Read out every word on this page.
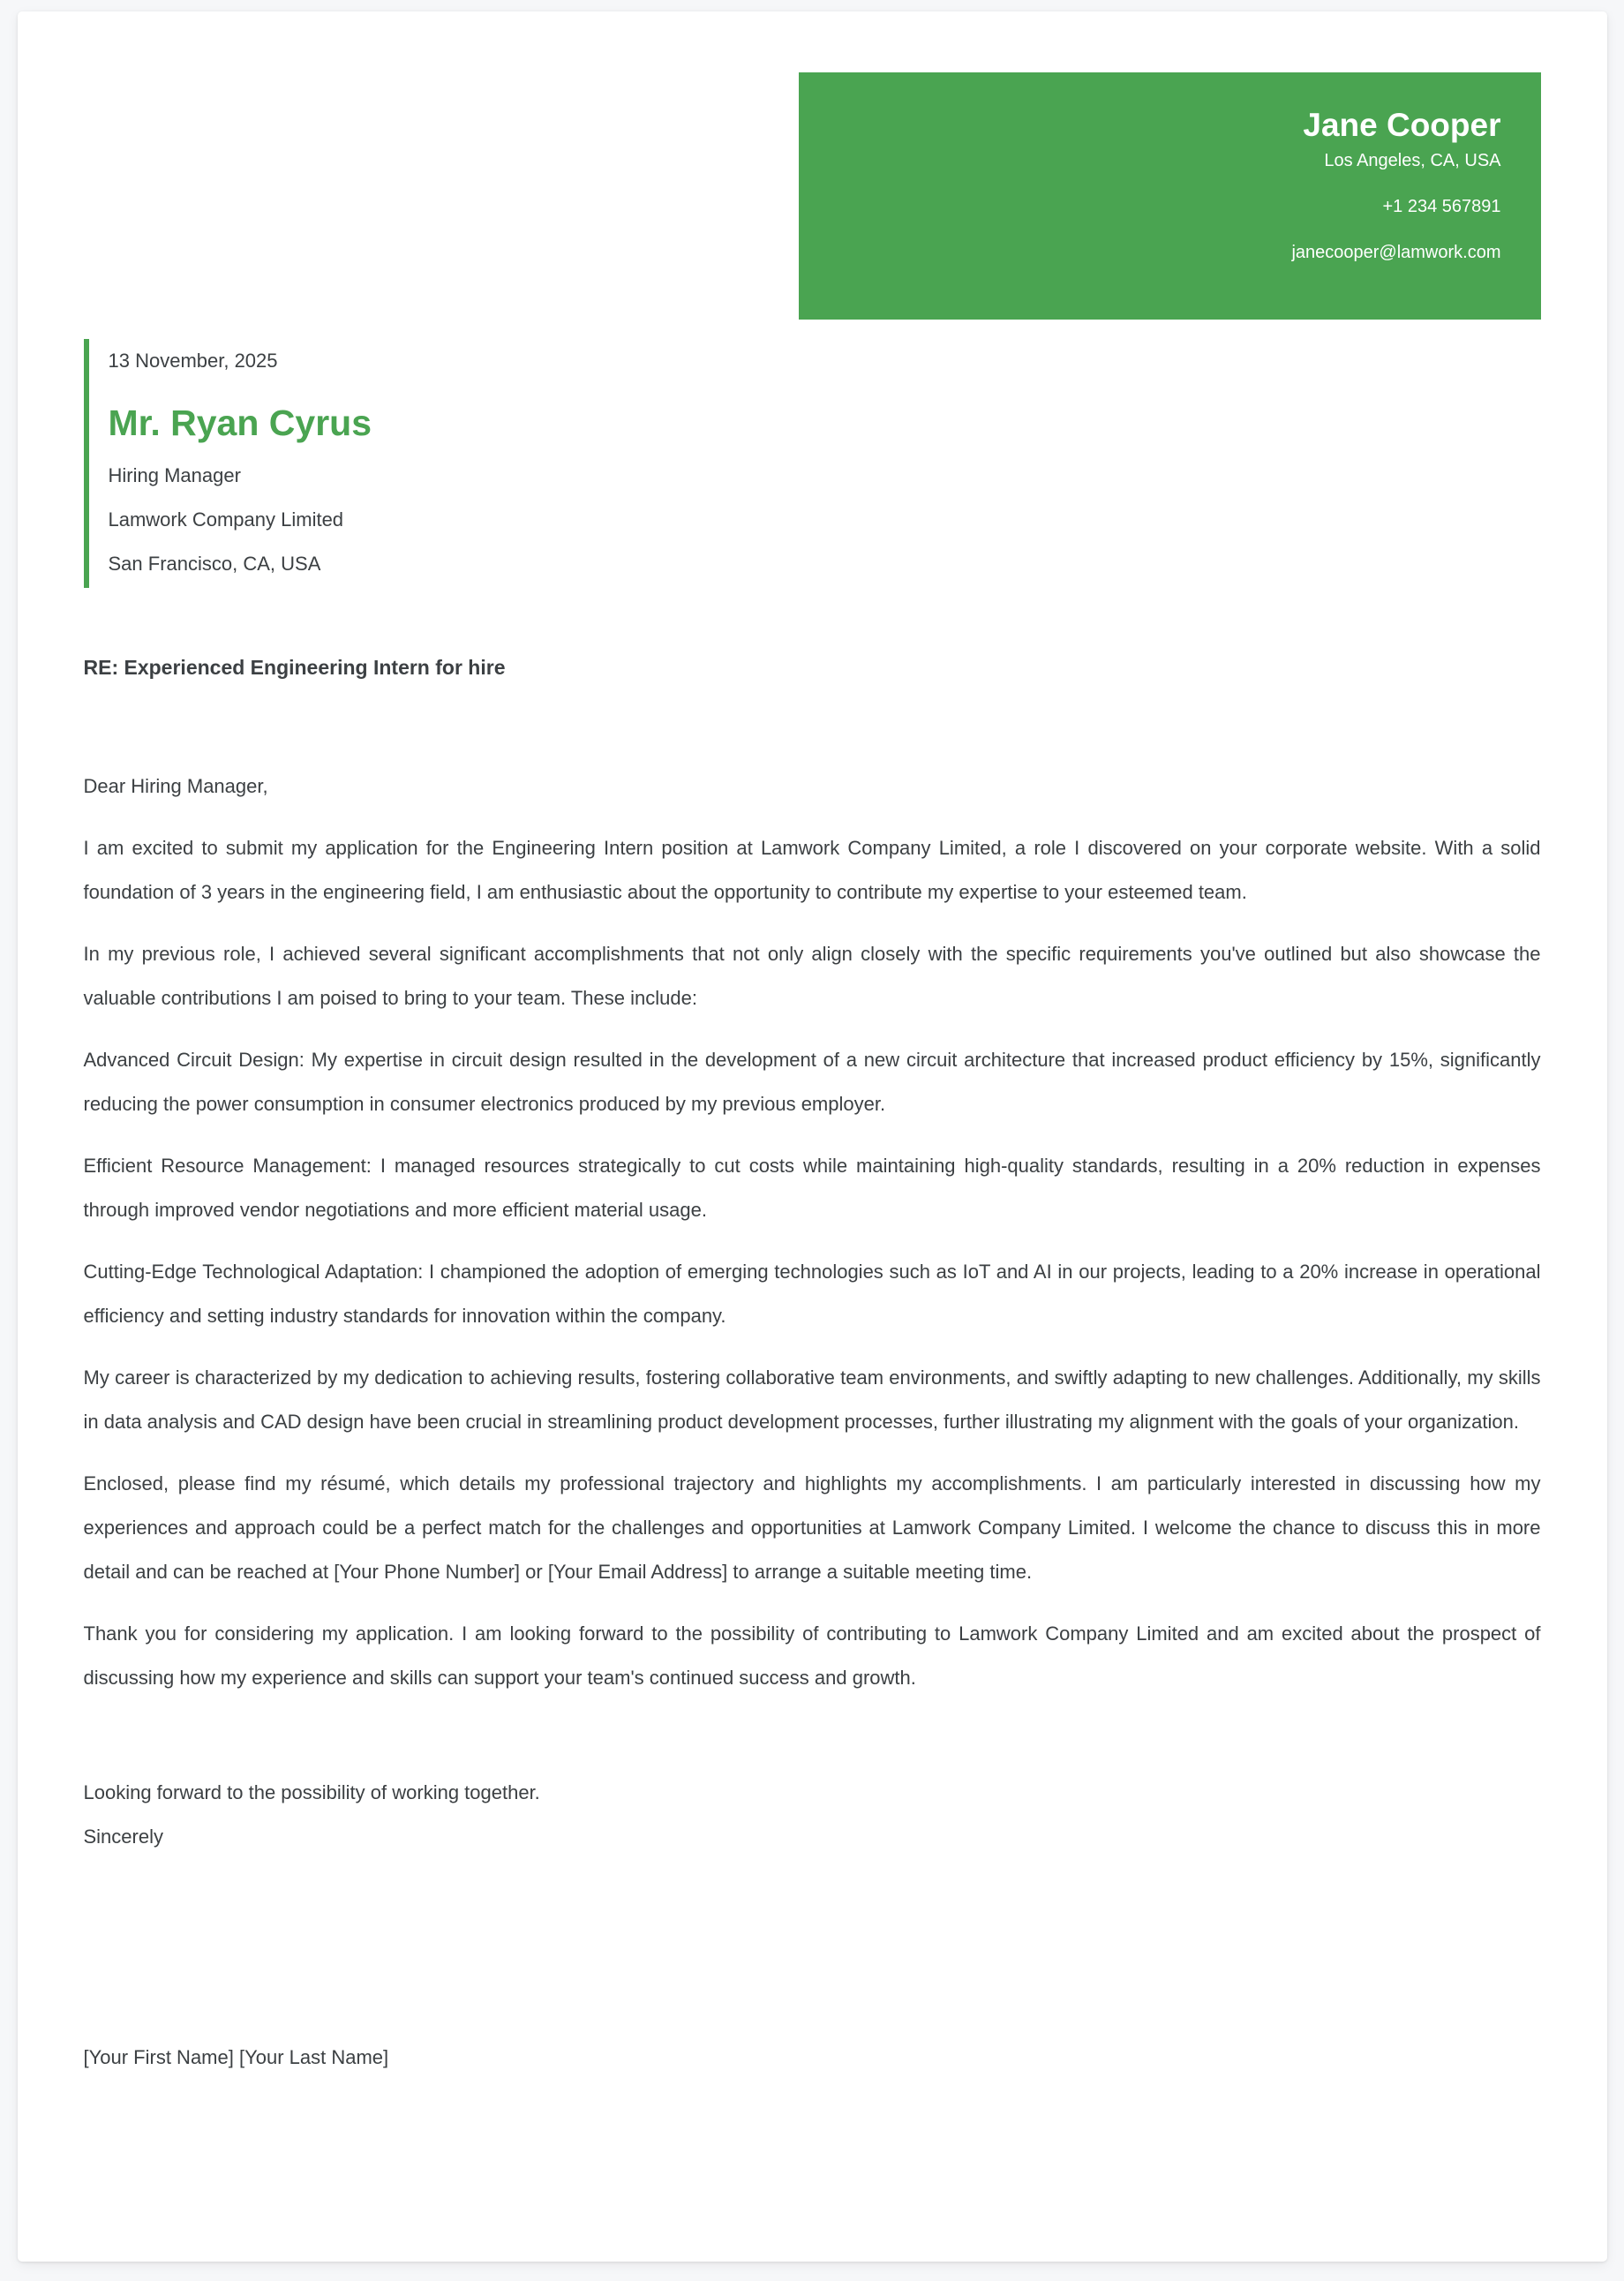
Jane Cooper
Los Angeles, CA, USA
+1 234 567891
janecooper@lamwork.com
13 November, 2025
Mr. Ryan Cyrus
Hiring Manager
Lamwork Company Limited
San Francisco, CA, USA
RE: Experienced Engineering Intern for hire

Dear Hiring Manager,

I am excited to submit my application for the Engineering Intern position at Lamwork Company Limited, a role I discovered on your corporate website. With a solid foundation of 3 years in the engineering field, I am enthusiastic about the opportunity to contribute my expertise to your esteemed team.

In my previous role, I achieved several significant accomplishments that not only align closely with the specific requirements you've outlined but also showcase the valuable contributions I am poised to bring to your team. These include:

Advanced Circuit Design: My expertise in circuit design resulted in the development of a new circuit architecture that increased product efficiency by 15%, significantly reducing the power consumption in consumer electronics produced by my previous employer.

Efficient Resource Management: I managed resources strategically to cut costs while maintaining high-quality standards, resulting in a 20% reduction in expenses through improved vendor negotiations and more efficient material usage.

Cutting-Edge Technological Adaptation: I championed the adoption of emerging technologies such as IoT and AI in our projects, leading to a 20% increase in operational efficiency and setting industry standards for innovation within the company.

My career is characterized by my dedication to achieving results, fostering collaborative team environments, and swiftly adapting to new challenges. Additionally, my skills in data analysis and CAD design have been crucial in streamlining product development processes, further illustrating my alignment with the goals of your organization.

Enclosed, please find my résumé, which details my professional trajectory and highlights my accomplishments. I am particularly interested in discussing how my experiences and approach could be a perfect match for the challenges and opportunities at Lamwork Company Limited. I welcome the chance to discuss this in more detail and can be reached at [Your Phone Number] or [Your Email Address] to arrange a suitable meeting time.

Thank you for considering my application. I am looking forward to the possibility of contributing to Lamwork Company Limited and am excited about the prospect of discussing how my experience and skills can support your team's continued success and growth.

Looking forward to the possibility of working together.
Sincerely
[Your First Name] [Your Last Name]
